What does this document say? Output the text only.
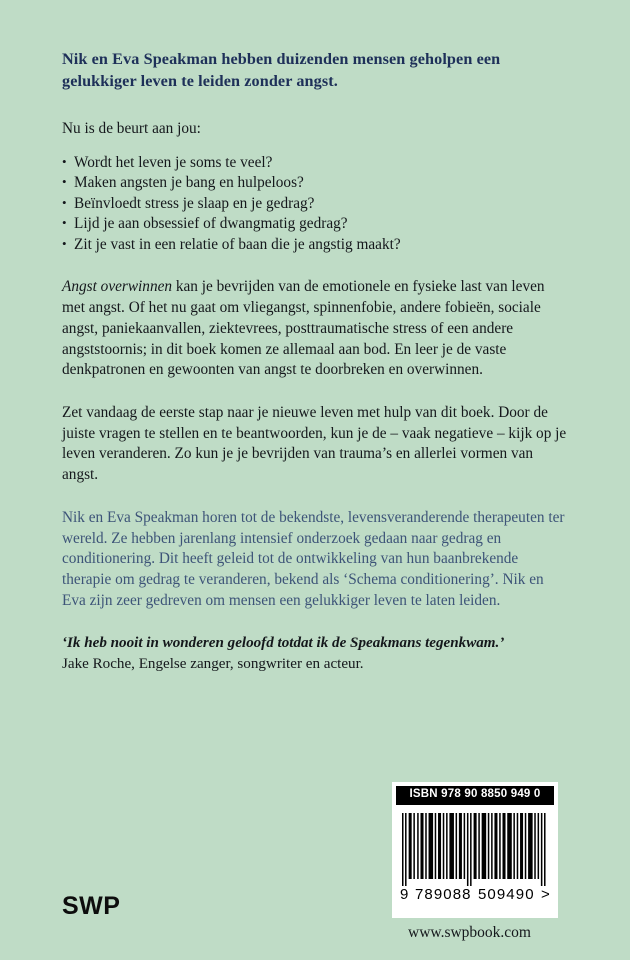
Nik en Eva Speakman hebben duizenden mensen geholpen een gelukkiger leven te leiden zonder angst.

Nu is de beurt aan jou:

• Wordt het leven je soms te veel?
• Maken angsten je bang en hulpeloos?
• Beïnvloedt stress je slaap en je gedrag?
• Lijd je aan obsessief of dwangmatig gedrag?
• Zit je vast in een relatie of baan die je angstig maakt?

Angst overwinnen kan je bevrijden van de emotionele en fysieke last van leven met angst. Of het nu gaat om vliegangst, spinnenfobie, andere fobieën, sociale angst, paniekaanvallen, ziektevrees, posttraumatische stress of een andere angststoornis; in dit boek komen ze allemaal aan bod. En leer je de vaste denkpatronen en gewoonten van angst te doorbreken en overwinnen.

Zet vandaag de eerste stap naar je nieuwe leven met hulp van dit boek. Door de juiste vragen te stellen en te beantwoorden, kun je de – vaak negatieve – kijk op je leven veranderen. Zo kun je je bevrijden van trauma’s en allerlei vormen van angst.

Nik en Eva Speakman horen tot de bekendste, levensveranderende therapeuten ter wereld. Ze hebben jarenlang intensief onderzoek gedaan naar gedrag en conditionering. Dit heeft geleid tot de ontwikkeling van hun baanbrekende therapie om gedrag te veranderen, bekend als ‘Schema conditionering’. Nik en Eva zijn zeer gedreven om mensen een gelukkiger leven te laten leiden.

‘Ik heb nooit in wonderen geloofd totdat ik de Speakmans tegenkwam.’
Jake Roche, Engelse zanger, songwriter en acteur.

SWP
ISBN 978 90 8850 949 0
9 789088 509490 >
www.swpbook.com
